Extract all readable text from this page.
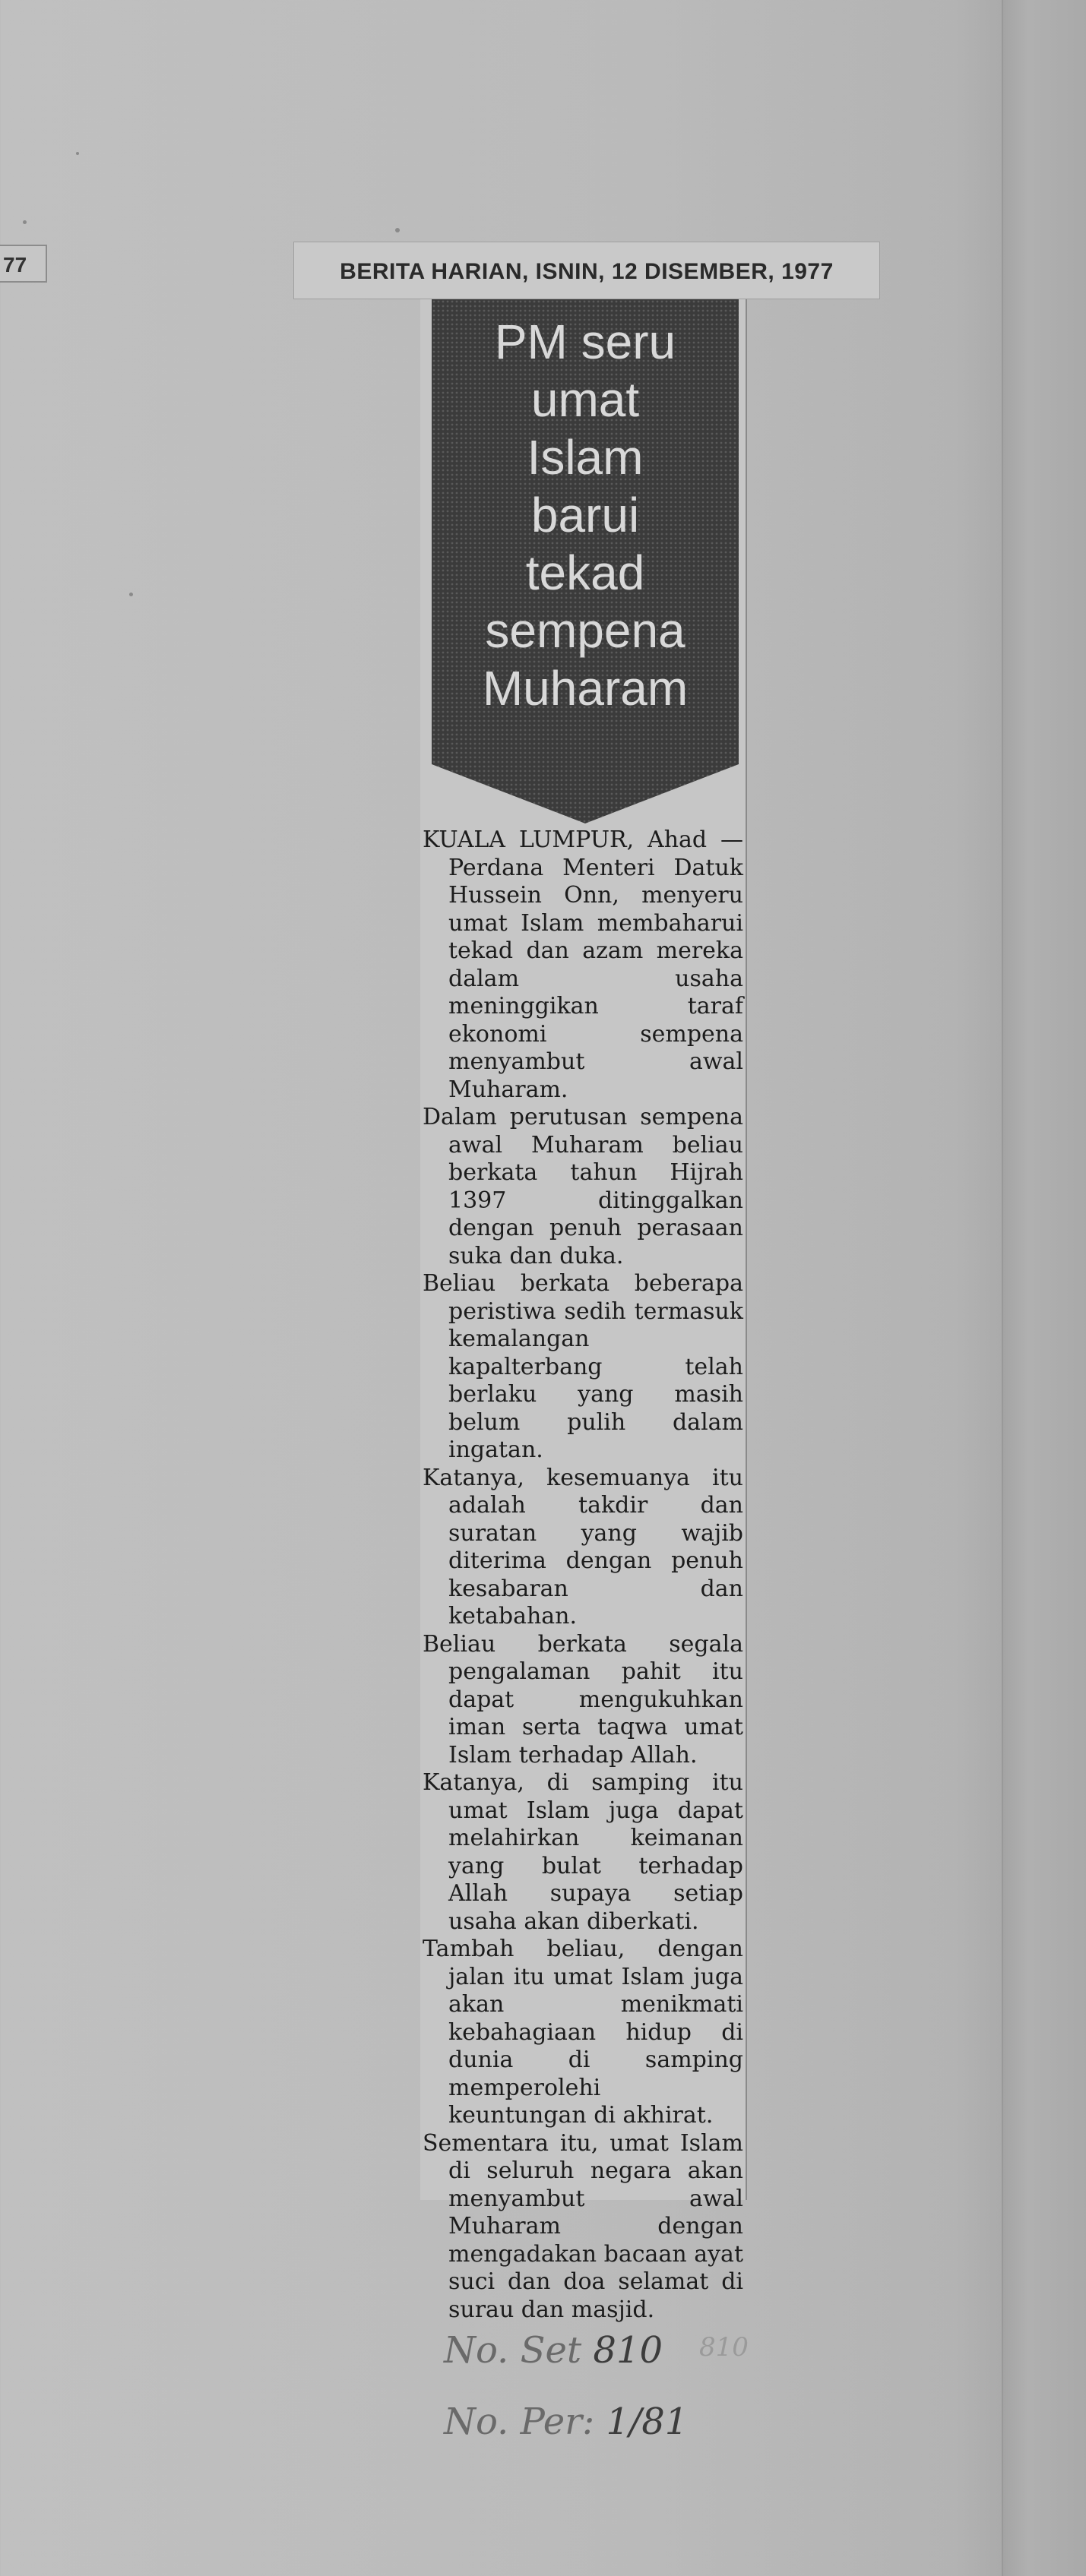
77	BERITA HARIAN, ISNIN, 12 DISEMBER, 1977
PM seru
umat
Islam
barui
tekad
sempena
Muharam

KUALA LUMPUR, Ahad — Perdana Menteri Datuk Hussein Onn, menyeru umat Islam membaharui tekad dan azam mereka dalam usaha meninggikan taraf ekonomi sempena menyambut awal Muharam.

Dalam perutusan sempena awal Muharam beliau berkata tahun Hijrah 1397 ditinggalkan dengan penuh perasaan suka dan duka.

Beliau berkata beberapa peristiwa sedih termasuk kemalangan kapalterbang telah berlaku yang masih belum pulih dalam ingatan.

Katanya, kesemuanya itu adalah takdir dan suratan yang wajib diterima dengan penuh kesabaran dan ketabahan.

Beliau berkata segala pengalaman pahit itu dapat mengukuhkan iman serta taqwa umat Islam terhadap Allah.

Katanya, di samping itu umat Islam juga dapat melahirkan keimanan yang bulat terhadap Allah supaya setiap usaha akan diberkati.

Tambah beliau, dengan jalan itu umat Islam juga akan menikmati kebahagiaan hidup di dunia di samping memperolehi keuntungan di akhirat.

Sementara itu, umat Islam di seluruh negara akan menyambut awal Muharam dengan mengadakan bacaan ayat suci dan doa selamat di surau dan masjid.

No. Set 810 810
No. Per: 1/81
